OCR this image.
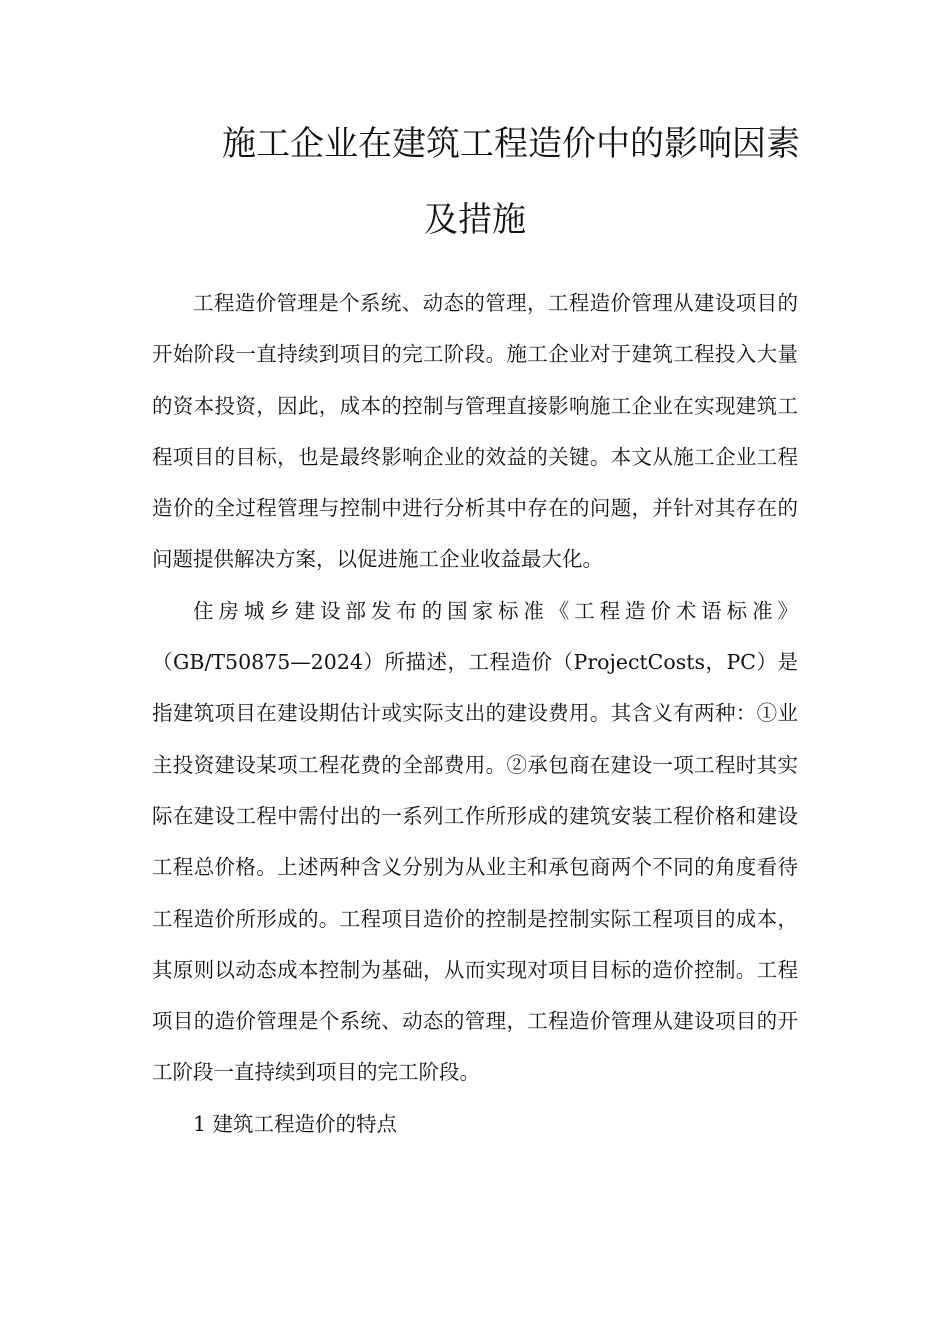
施工企业在建筑工程造价中的影响因素
及措施

工程造价管理是个系统、动态的管理，工程造价管理从建设项目的开始阶段一直持续到项目的完工阶段。施工企业对于建筑工程投入大量的资本投资，因此，成本的控制与管理直接影响施工企业在实现建筑工程项目的目标，也是最终影响企业的效益的关键。本文从施工企业工程造价的全过程管理与控制中进行分析其中存在的问题，并针对其存在的问题提供解决方案，以促进施工企业收益最大化。

住房城乡建设部发布的国家标准《工程造价术语标准》（GB/T50875—2024）所描述，工程造价（ProjectCosts，PC）是指建筑项目在建设期估计或实际支出的建设费用。其含义有两种：①业主投资建设某项工程花费的全部费用。②承包商在建设一项工程时其实际在建设工程中需付出的一系列工作所形成的建筑安装工程价格和建设工程总价格。上述两种含义分别为从业主和承包商两个不同的角度看待工程造价所形成的。工程项目造价的控制是控制实际工程项目的成本，其原则以动态成本控制为基础，从而实现对项目目标的造价控制。工程项目的造价管理是个系统、动态的管理，工程造价管理从建设项目的开工阶段一直持续到项目的完工阶段。

1 建筑工程造价的特点
